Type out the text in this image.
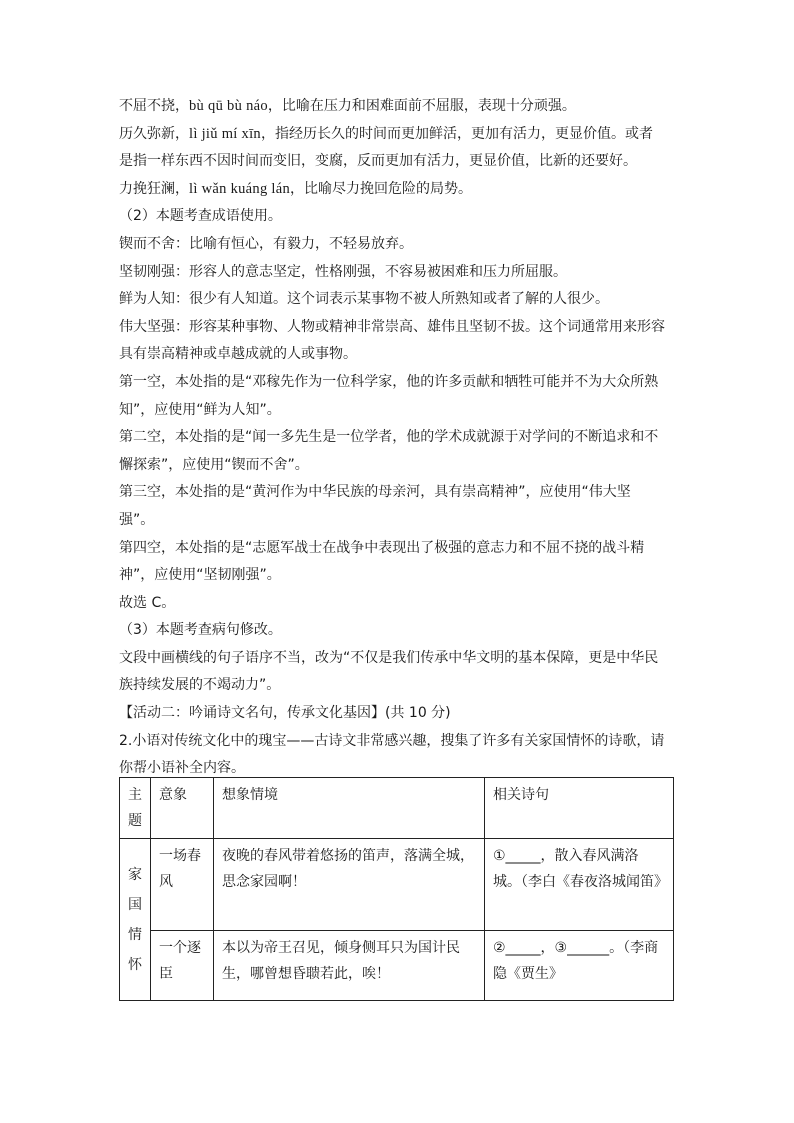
不屈不挠，bù qū bù náo，比喻在压力和困难面前不屈服，表现十分顽强。

历久弥新，lì jiǔ mí xīn，指经历长久的时间而更加鲜活，更加有活力，更显价值。或者

是指一样东西不因时间而变旧，变腐，反而更加有活力，更显价值，比新的还要好。

力挽狂澜，lì wǎn kuáng lán，比喻尽力挽回危险的局势。

（2）本题考查成语使用。

锲而不舍：比喻有恒心，有毅力，不轻易放弃。

坚韧刚强：形容人的意志坚定，性格刚强，不容易被困难和压力所屈服。

鲜为人知：很少有人知道。这个词表示某事物不被人所熟知或者了解的人很少。

伟大坚强：形容某种事物、人物或精神非常崇高、雄伟且坚韧不拔。这个词通常用来形容

具有崇高精神或卓越成就的人或事物。

第一空，本处指的是“邓稼先作为一位科学家，他的许多贡献和牺牲可能并不为大众所熟

知”，应使用“鲜为人知”。

第二空，本处指的是“闻一多先生是一位学者，他的学术成就源于对学问的不断追求和不

懈探索”，应使用“锲而不舍”。

第三空，本处指的是“黄河作为中华民族的母亲河，具有崇高精神”，应使用“伟大坚

强”。

第四空，本处指的是“志愿军战士在战争中表现出了极强的意志力和不屈不挠的战斗精

神”，应使用“坚韧刚强”。

故选 C。

（3）本题考查病句修改。

文段中画横线的句子语序不当，改为“不仅是我们传承中华文明的基本保障，更是中华民

族持续发展的不竭动力”。

【活动二：吟诵诗文名句，传承文化基因】(共 10 分)

2.小语对传统文化中的瑰宝——古诗文非常感兴趣，搜集了许多有关家国情怀的诗歌，请

你帮小语补全内容。

主
题	意象	想象情境	相关诗句

家
国
情
怀	一场春风	夜晚的春风带着悠扬的笛声，落满全城，思念家园啊！	①_____，散入春风满洛城。（李白《春夜洛城闻笛》
	一个逐臣	本以为帝王召见，倾身侧耳只为国计民生，哪曾想昏聩若此，唉！	②_____，③______。（李商隐《贾生》
